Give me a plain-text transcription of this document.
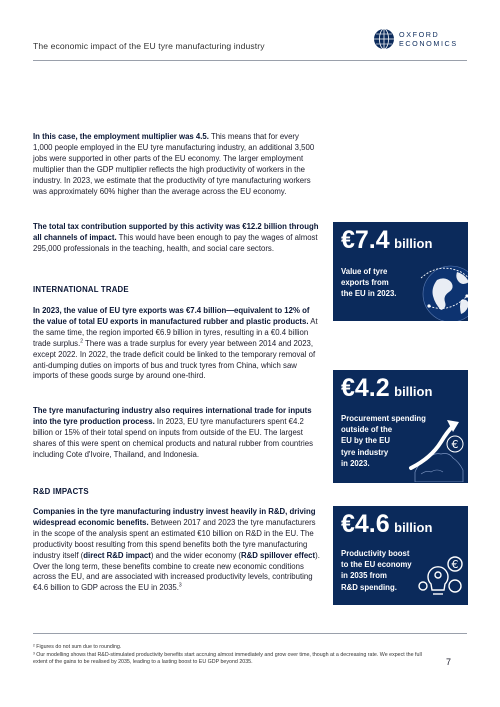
The economic impact of the EU tyre manufacturing industry
OXFORD
ECONOMICS

In this case, the employment multiplier was 4.5. This means that for every 1,000 people employed in the EU tyre manufacturing industry, an additional 3,500 jobs were supported in other parts of the EU economy. The larger employment multiplier than the GDP multiplier reflects the high productivity of workers in the industry. In 2023, we estimate that the productivity of tyre manufacturing workers was approximately 60% higher than the average across the EU economy.

The total tax contribution supported by this activity was €12.2 billion through all channels of impact. This would have been enough to pay the wages of almost 295,000 professionals in the teaching, health, and social care sectors.

INTERNATIONAL TRADE

In 2023, the value of EU tyre exports was €7.4 billion—equivalent to 12% of the value of total EU exports in manufactured rubber and plastic products. At the same time, the region imported €6.9 billion in tyres, resulting in a €0.4 billion trade surplus.$^2$ There was a trade surplus for every year between 2014 and 2023, except 2022. In 2022, the trade deficit could be linked to the temporary removal of anti-dumping duties on imports of bus and truck tyres from China, which saw imports of these goods surge by around one-third.

The tyre manufacturing industry also requires international trade for inputs into the tyre production process. In 2023, EU tyre manufacturers spent €4.2 billion or 15% of their total spend on inputs from outside of the EU. The largest shares of this were spent on chemical products and natural rubber from countries including Cote d'Ivoire, Thailand, and Indonesia.

R&D IMPACTS

Companies in the tyre manufacturing industry invest heavily in R&D, driving widespread economic benefits. Between 2017 and 2023 the tyre manufacturers in the scope of the analysis spent an estimated €10 billion on R&D in the EU. The productivity boost resulting from this spend benefits both the tyre manufacturing industry itself (direct R&D impact) and the wider economy (R&D spillover effect). Over the long term, these benefits combine to create new economic conditions across the EU, and are associated with increased productivity levels, contributing €4.6 billion to GDP across the EU in 2035.$^3$

€7.4 billion
Value of tyre
exports from
the EU in 2023.
€4.2 billion
Procurement spending
outside of the
EU by the EU
tyre industry
in 2023.
€
€4.6 billion
Productivity boost
to the EU economy
in 2035 from
R&D spending.
€
² Figures do not sum due to rounding.
³ Our modelling shows that R&D-stimulated productivity benefits start accruing almost immediately and grow over time, though at a decreasing rate. We expect the full extent of the gains to be realised by 2035, leading to a lasting boost to EU GDP beyond 2035.	7
